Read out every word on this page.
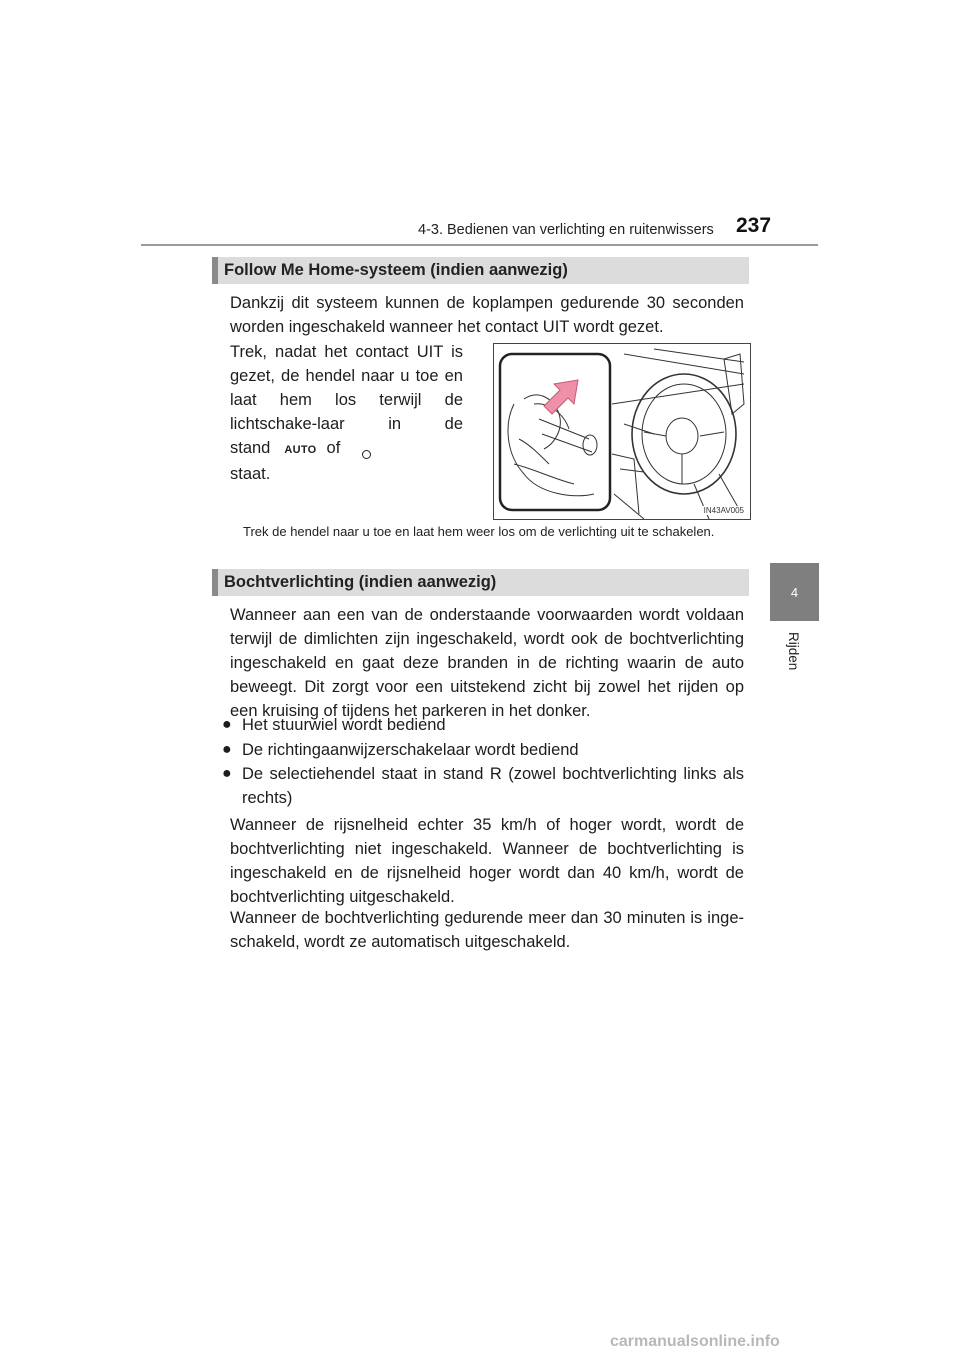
4-3. Bedienen van verlichting en ruitenwissers 237
4
Rijden
Follow Me Home-systeem (indien aanwezig)
Dankzij dit systeem kunnen de koplampen gedurende 30 seconden worden ingeschakeld wanneer het contact UIT wordt gezet.
Trek, nadat het contact UIT is gezet, de hendel naar u toe en laat hem los terwijl de lichtschake-laar in de stand AUTO of
staat.
IN43AV005
Trek de hendel naar u toe en laat hem weer los om de verlichting uit te schakelen.
Bochtverlichting (indien aanwezig)
Wanneer aan een van de onderstaande voorwaarden wordt voldaan terwijl de dimlichten zijn ingeschakeld, wordt ook de bochtverlichting ingeschakeld en gaat deze branden in de richting waarin de auto beweegt. Dit zorgt voor een uitstekend zicht bij zowel het rijden op een kruising of tijdens het parkeren in het donker.
● Het stuurwiel wordt bediend
● De richtingaanwijzerschakelaar wordt bediend
● De selectiehendel staat in stand R (zowel bochtverlichting links als rechts)
Wanneer de rijsnelheid echter 35 km/h of hoger wordt, wordt de bochtverlichting niet ingeschakeld. Wanneer de bochtverlichting is ingeschakeld en de rijsnelheid hoger wordt dan 40 km/h, wordt de bochtverlichting uitgeschakeld.
Wanneer de bochtverlichting gedurende meer dan 30 minuten is inge-schakeld, wordt ze automatisch uitgeschakeld.
carmanualsonline.info
